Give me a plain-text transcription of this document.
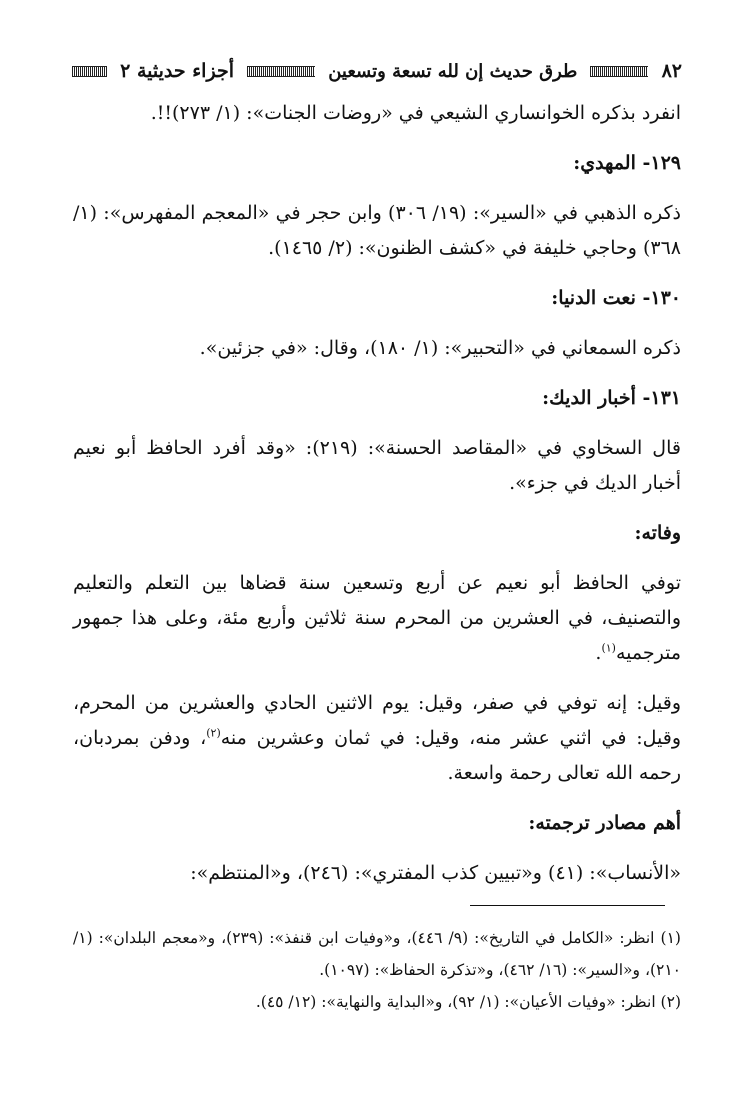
٨٢
طرق حديث إن لله تسعة وتسعين
أجزاء حديثية ٢

انفرد بذكره الخوانساري الشيعي في «روضات الجنات»: (١/ ٢٧٣)!!.

١٢٩- المهدي:

ذكره الذهبي في «السير»: (١٩/ ٣٠٦) وابن حجر في «المعجم المفهرس»: (١/ ٣٦٨) وحاجي خليفة في «كشف الظنون»: (٢/ ١٤٦٥).

١٣٠- نعت الدنيا:

ذكره السمعاني في «التحبير»: (١/ ١٨٠)، وقال: «في جزئين».

١٣١- أخبار الديك:

قال السخاوي في «المقاصد الحسنة»: (٢١٩): «وقد أفرد الحافظ أبو نعيم أخبار الديك في جزء».

وفاته:

توفي الحافظ أبو نعيم عن أربع وتسعين سنة قضاها بين التعلم والتعليم والتصنيف، في العشرين من المحرم سنة ثلاثين وأربع مئة، وعلى هذا جمهور مترجميه$^{(١)}$.

وقيل: إنه توفي في صفر، وقيل: يوم الاثنين الحادي والعشرين من المحرم، وقيل: في اثني عشر منه، وقيل: في ثمان وعشرين منه$^{(٢)}$، ودفن بمردبان، رحمه الله تعالى رحمة واسعة.

أهم مصادر ترجمته:

«الأنساب»: (٤١) و«تبيين كذب المفتري»: (٢٤٦)، و«المنتظم»:

(١) انظر: «الكامل في التاريخ»: (٩/ ٤٤٦)، و«وفيات ابن قنفذ»: (٢٣٩)، و«معجم البلدان»: (١/ ٢١٠)، و«السير»: (١٦/ ٤٦٢)، و«تذكرة الحفاظ»: (١٠٩٧).

(٢) انظر: «وفيات الأعيان»: (١/ ٩٢)، و«البداية والنهاية»: (١٢/ ٤٥).
